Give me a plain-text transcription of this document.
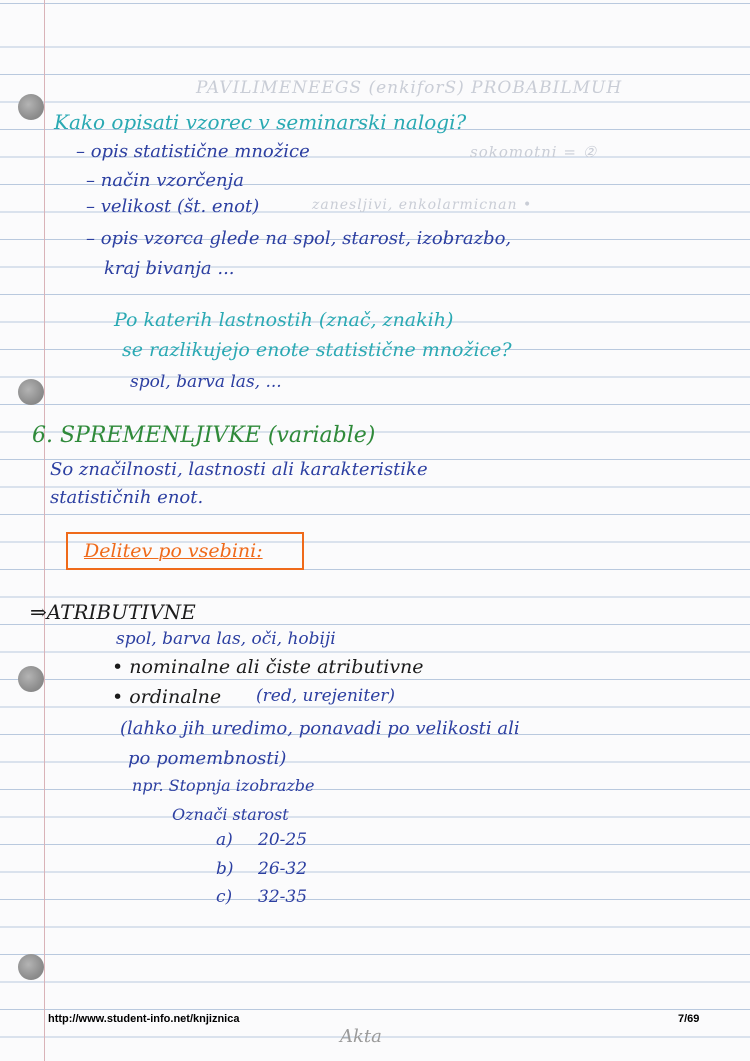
PAVILIMENEEGS (enkiforS) PROBABILMUH
sokomotni = ②
zanesljivi, enkolarmicnan •
Kako opisati vzorec v seminarski nalogi?
– opis statistične množice
– način vzorčenja
– velikost (št. enot)
– opis vzorca glede na spol, starost, izobrazbo,
kraj bivanja ...
Po katerih lastnostih (znač, znakih)
se razlikujejo enote statistične množice?
spol, barva las, ...
6. SPREMENLJIVKE (variable)
So značilnosti, lastnosti ali karakteristike
statističnih enot.
Delitev po vsebini:
⇒ATRIBUTIVNE
spol, barva las, oči, hobiji
• nominalne ali čiste atributivne
• ordinalne (red, urejeniter)
(lahko jih uredimo, ponavadi po velikosti ali
po pomembnosti)
npr. Stopnja izobrazbe
Označi starost
a) 20-25
b) 26-32
c) 32-35
http://www.student-info.net/knjiznica	7/69
Akta
